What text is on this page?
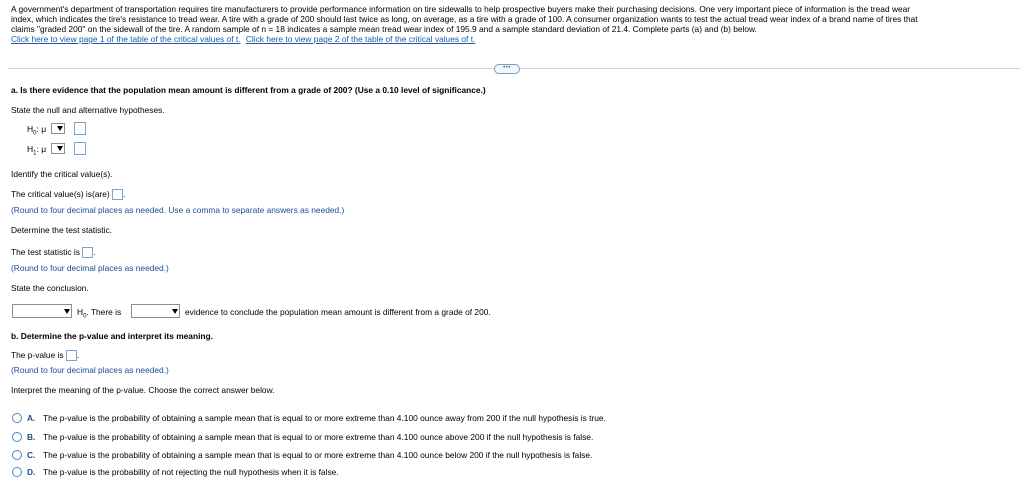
A government's department of transportation requires tire manufacturers to provide performance information on tire sidewalls to help prospective buyers make their purchasing decisions. One very important piece of information is the tread wear

index, which indicates the tire's resistance to tread wear. A tire with a grade of 200 should last twice as long, on average, as a tire with a grade of 100. A consumer organization wants to test the actual tread wear index of a brand name of tires that

claims "graded 200" on the sidewall of the tire. A random sample of n = 18 indicates a sample mean tread wear index of 195.9 and a sample standard deviation of 21.4. Complete parts (a) and (b) below.

Click here to view page 1 of the table of the critical values of t. Click here to view page 2 of the table of the critical values of t.

•••
a. Is there evidence that the population mean amount is different from a grade of 200? (Use a 0.10 level of significance.)
State the null and alternative hypotheses.
$H_0$: μ
$H_1$: μ
Identify the critical value(s).
The critical value(s) is(are) .
(Round to four decimal places as needed. Use a comma to separate answers as needed.)
Determine the test statistic.
The test statistic is .
(Round to four decimal places as needed.)
State the conclusion.
$H_0$. There is	evidence to conclude the population mean amount is different from a grade of 200.
b. Determine the p-value and interpret its meaning.
The p-value is .
(Round to four decimal places as needed.)
Interpret the meaning of the p-value. Choose the correct answer below.
A. The p-value is the probability of obtaining a sample mean that is equal to or more extreme than 4.100 ounce away from 200 if the null hypothesis is true.
B. The p-value is the probability of obtaining a sample mean that is equal to or more extreme than 4.100 ounce above 200 if the null hypothesis is false.
C. The p-value is the probability of obtaining a sample mean that is equal to or more extreme than 4.100 ounce below 200 if the null hypothesis is false.
D. The p-value is the probability of not rejecting the null hypothesis when it is false.
